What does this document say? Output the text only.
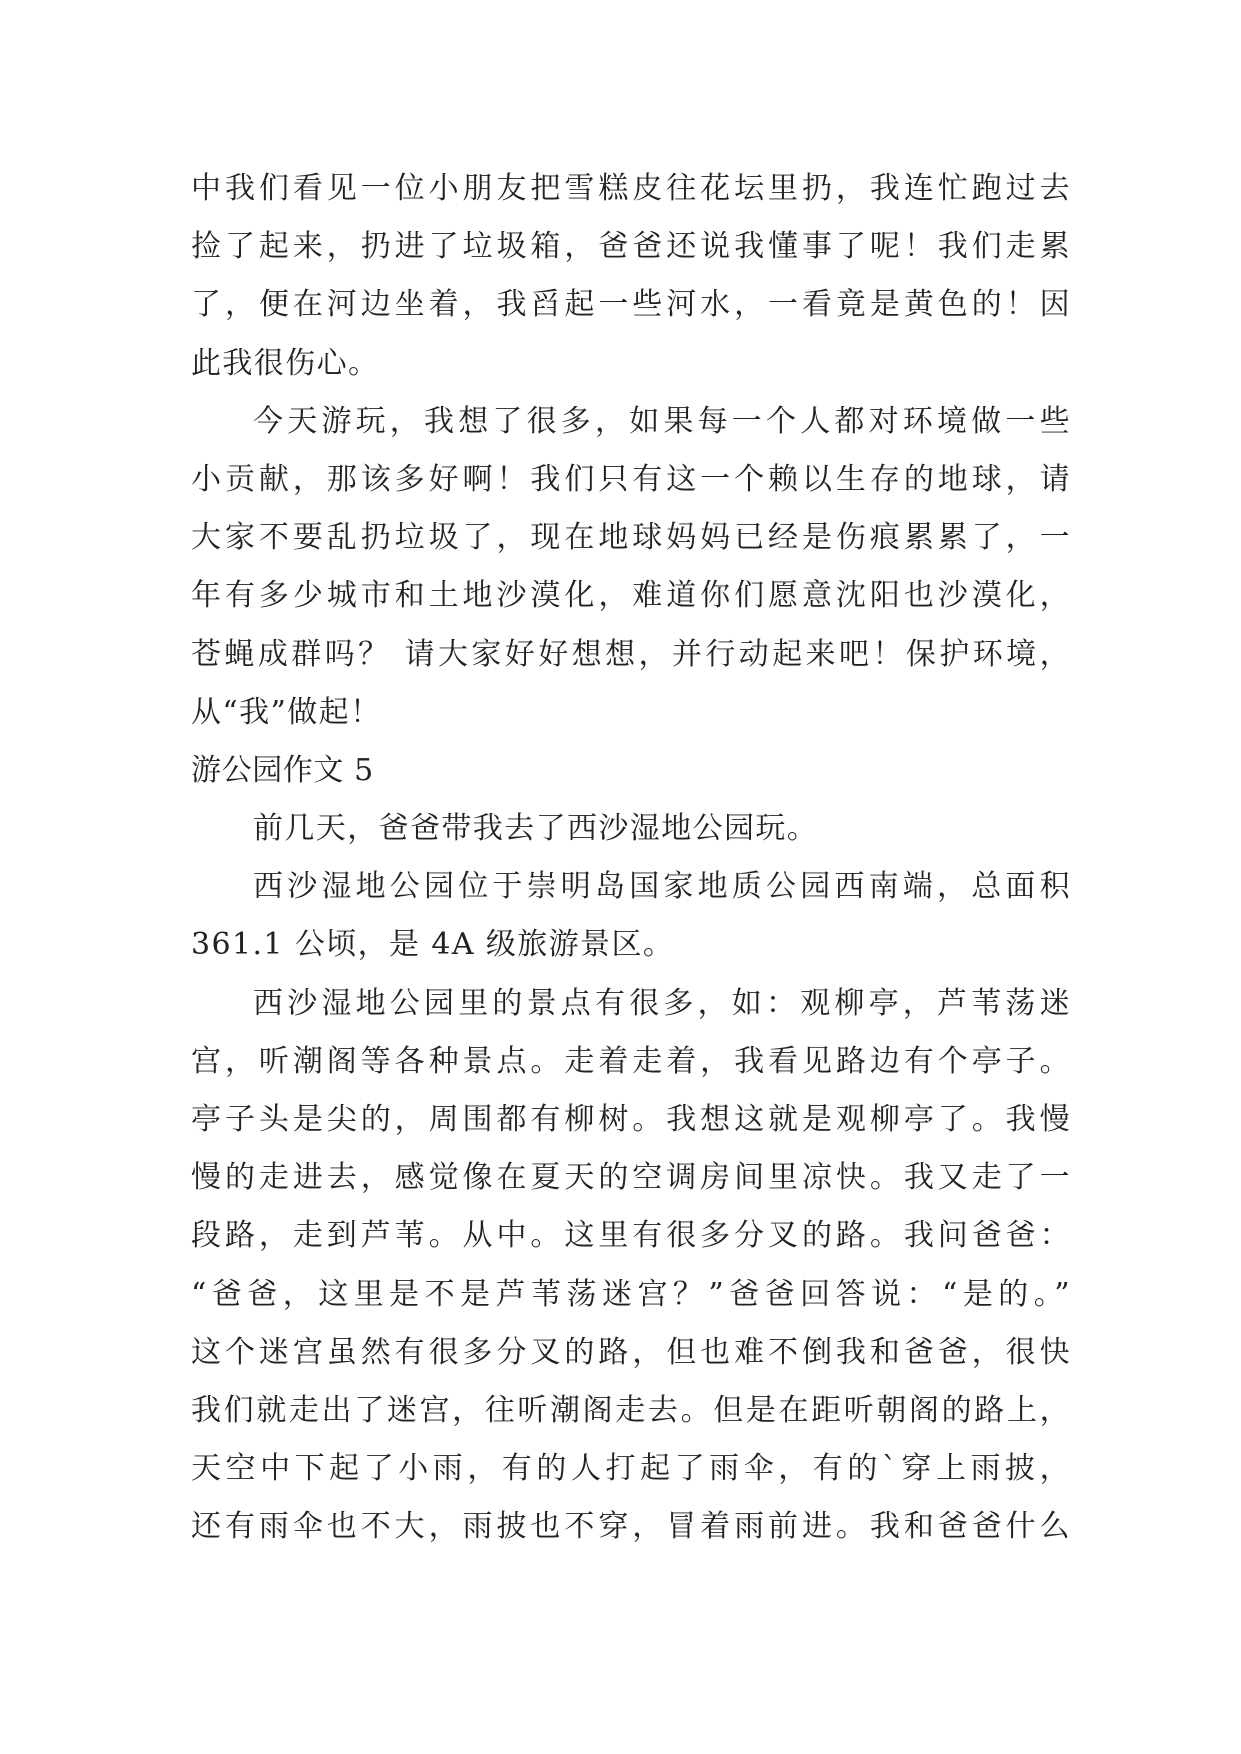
中我们看见一位小朋友把雪糕皮往花坛里扔，我连忙跑过去
捡了起来，扔进了垃圾箱，爸爸还说我懂事了呢！我们走累
了，便在河边坐着，我舀起一些河水，一看竟是黄色的！因
此我很伤心。
今天游玩，我想了很多，如果每一个人都对环境做一些
小贡献，那该多好啊！我们只有这一个赖以生存的地球，请
大家不要乱扔垃圾了，现在地球妈妈已经是伤痕累累了，一
年有多少城市和土地沙漠化，难道你们愿意沈阳也沙漠化，
苍蝇成群吗？ 请大家好好想想，并行动起来吧！保护环境，
从“我”做起！
游公园作文 5
前几天，爸爸带我去了西沙湿地公园玩。
西沙湿地公园位于崇明岛国家地质公园西南端，总面积
361.1 公顷，是 4A 级旅游景区。
西沙湿地公园里的景点有很多，如：观柳亭，芦苇荡迷
宫，听潮阁等各种景点。走着走着，我看见路边有个亭子。
亭子头是尖的，周围都有柳树。我想这就是观柳亭了。我慢
慢的走进去，感觉像在夏天的空调房间里凉快。我又走了一
段路，走到芦苇。从中。这里有很多分叉的路。我问爸爸：
“爸爸，这里是不是芦苇荡迷宫？”爸爸回答说：“是的。”
这个迷宫虽然有很多分叉的路，但也难不倒我和爸爸，很快
我们就走出了迷宫，往听潮阁走去。但是在距听朝阁的路上，
天空中下起了小雨，有的人打起了雨伞，有的`穿上雨披，
还有雨伞也不大，雨披也不穿，冒着雨前进。我和爸爸什么
